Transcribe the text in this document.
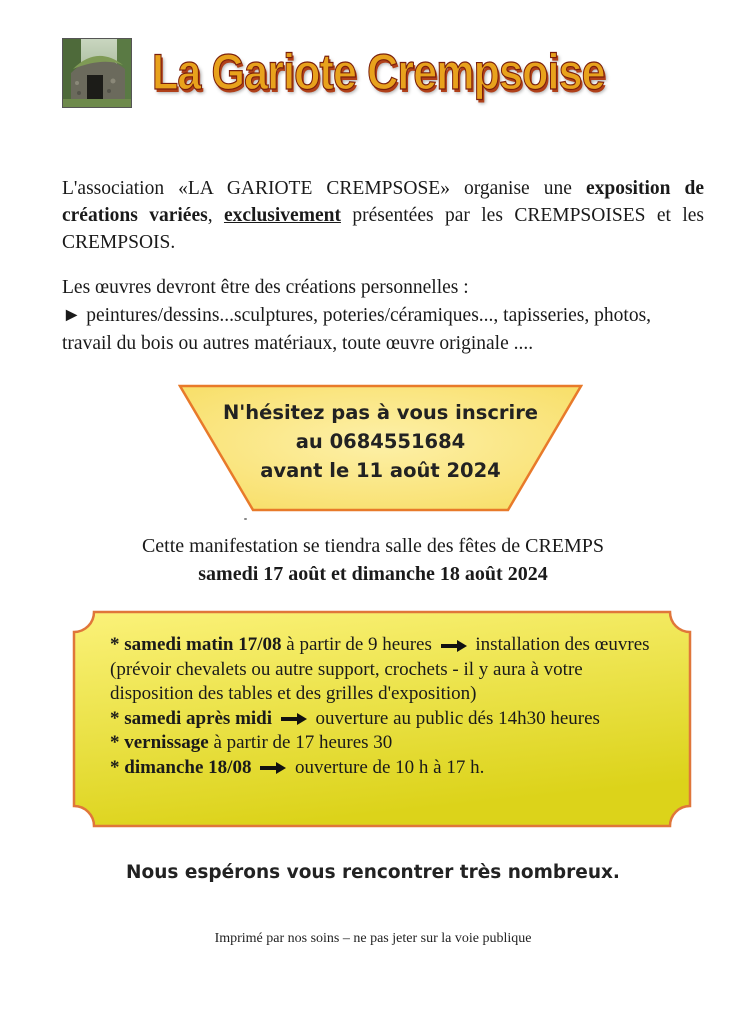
La Gariote Crempsoise
L'association «LA GARIOTE CREMPSOSE» organise une exposition de créations variées, exclusivement présentées par les CREMPSOISES et les CREMPSOIS.
Les œuvres devront être des créations personnelles :
► peintures/dessins...sculptures, poteries/céramiques..., tapisseries, photos, travail du bois ou autres matériaux, toute œuvre originale ....
N'hésitez pas à vous inscrire
au 0684551684
avant le 11 août 2024
Cette manifestation se tiendra salle des fêtes de CREMPS
samedi 17 août et dimanche 18 août 2024
* samedi matin 17/08 à partir de 9 heures  installation des œuvres (prévoir chevalets ou autre support, crochets - il y aura à votre disposition des tables et des grilles d'exposition)
* samedi après midi  ouverture au public dés 14h30 heures
* vernissage à partir de 17 heures 30
* dimanche 18/08  ouverture de 10 h à 17 h.
Nous espérons vous rencontrer très nombreux.
Imprimé par nos soins – ne pas jeter sur la voie publique
